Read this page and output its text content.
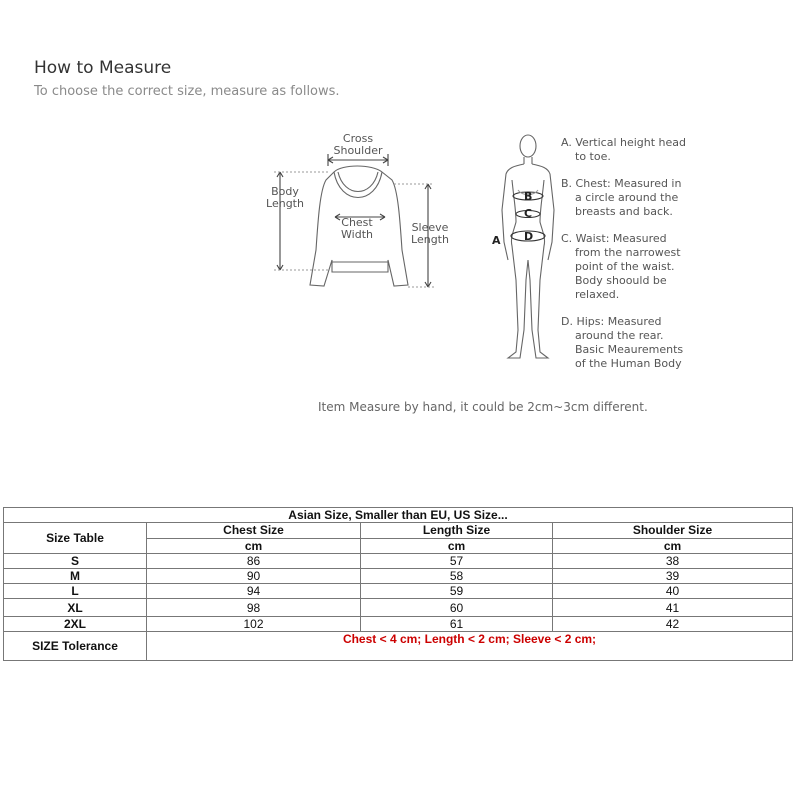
How to Measure
To choose the correct size, measure as follows.
Cross
Shoulder
Body
Length
Chest
Width
Sleeve
Length	A
B
C
D
A. Vertical height head to toe.
B. Chest: Measured in a circle around the breasts and back.
C. Waist: Measured from the narrowest point of the waist. Body shoould be relaxed.
D. Hips: Measured around the rear. Basic Meaurements of the Human Body
Item Measure by hand, it could be 2cm~3cm different.
Asian Size, Smaller than EU, US Size...			
Size Table	Chest Size	Length Size	Shoulder Size
	cm	cm	cm
S	86	57	38
M	90	58	39
L	94	59	40
XL	98	60	41
2XL	102	61	42
SIZE Tolerance	Chest < 4 cm; Length < 2 cm; Sleeve < 2 cm;		
